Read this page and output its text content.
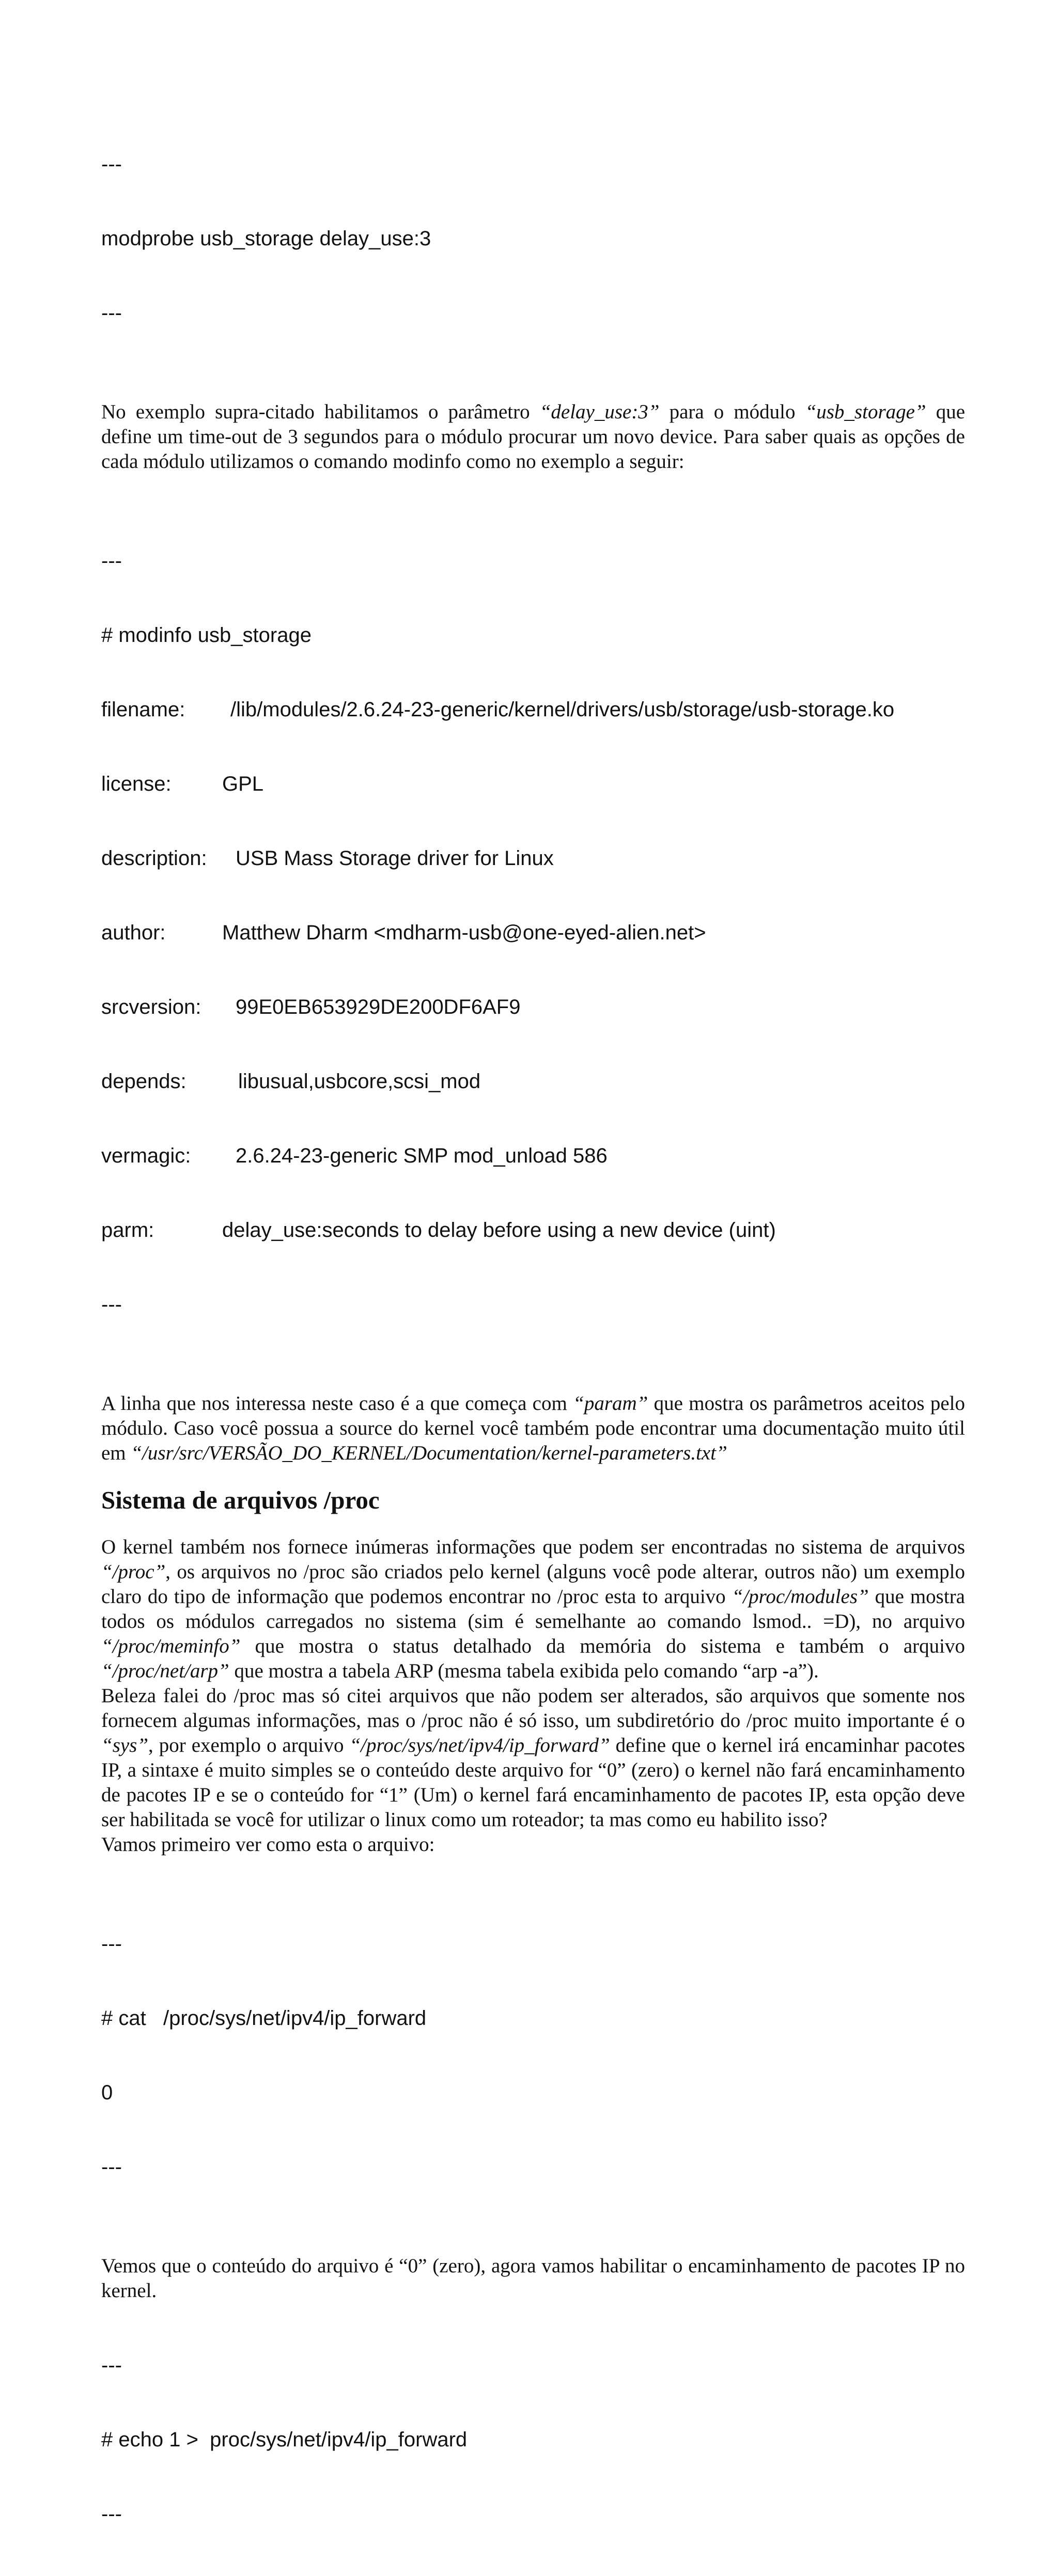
---

modprobe usb_storage delay_use:3

---

No exemplo supra-citado habilitamos o parâmetro “delay_use:3” para o módulo “usb_storage” que define um time-out de 3 segundos para o módulo procurar um novo device. Para saber quais as opções de cada módulo utilizamos o comando modinfo como no exemplo a seguir:

---

# modinfo usb_storage

filename:	/lib/modules/2.6.24-23-generic/kernel/drivers/usb/storage/usb-storage.ko

license:	GPL

description:	USB Mass Storage driver for Linux

author:	Matthew Dharm <mdharm-usb@one-eyed-alien.net>

srcversion:	99E0EB653929DE200DF6AF9

depends:	libusual,usbcore,scsi_mod

vermagic:	2.6.24-23-generic SMP mod_unload 586

parm:	delay_use:seconds to delay before using a new device (uint)

---

A linha que nos interessa neste caso é a que começa com “param” que mostra os parâmetros aceitos pelo módulo. Caso você possua a source do kernel você também pode encontrar uma documentação muito útil em “/usr/src/VERSÃO_DO_KERNEL/Documentation/kernel-parameters.txt”

Sistema de arquivos /proc

O kernel também nos fornece inúmeras informações que podem ser encontradas no sistema de arquivos “/proc”, os arquivos no /proc são criados pelo kernel (alguns você pode alterar, outros não) um exemplo claro do tipo de informação que podemos encontrar no /proc esta to arquivo “/proc/modules” que mostra todos os módulos carregados no sistema (sim é semelhante ao comando lsmod.. =D), no arquivo “/proc/meminfo” que mostra o status detalhado da memória do sistema e também o arquivo “/proc/net/arp” que mostra a tabela ARP (mesma tabela exibida pelo comando “arp -a”).

Beleza falei do /proc mas só citei arquivos que não podem ser alterados, são arquivos que somente nos fornecem algumas informações, mas o /proc não é só isso, um subdiretório do /proc muito importante é o “sys”, por exemplo o arquivo “/proc/sys/net/ipv4/ip_forward” define que o kernel irá encaminhar pacotes IP, a sintaxe é muito simples se o conteúdo deste arquivo for “0” (zero) o kernel não fará encaminhamento de pacotes IP e se o conteúdo for “1” (Um) o kernel fará encaminhamento de pacotes IP, esta opção deve ser habilitada se você for utilizar o linux como um roteador; ta mas como eu habilito isso?

Vamos primeiro ver como esta o arquivo:

---

# cat   /proc/sys/net/ipv4/ip_forward

0

---

Vemos que o conteúdo do arquivo é “0” (zero), agora vamos habilitar o encaminhamento de pacotes IP no kernel.

---

# echo 1 >  proc/sys/net/ipv4/ip_forward

---
